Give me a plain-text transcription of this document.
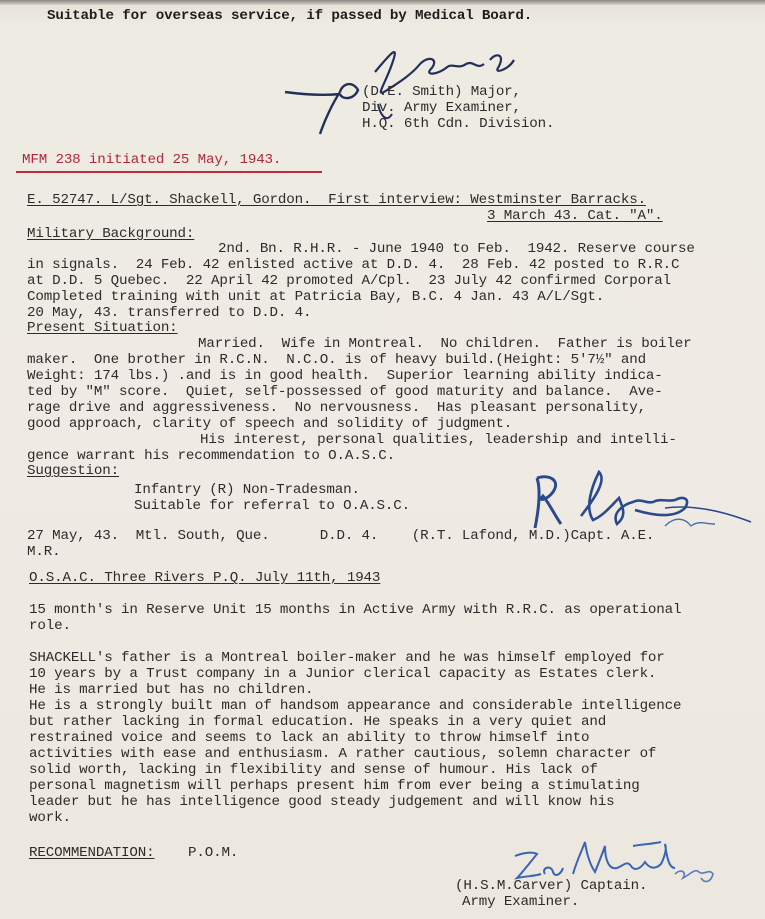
Suitable for overseas service, if passed by Medical Board.
(D.E. Smith) Major,
Div. Army Examiner,
H.Q. 6th Cdn. Division.
MFM 238 initiated 25 May, 1943.
E. 52747. L/Sgt. Shackell, Gordon.  First interview: Westminster Barracks.
3 March 43. Cat. "A".
Military Background:
2nd. Bn. R.H.R. - June 1940 to Feb.  1942. Reserve course
in signals.  24 Feb. 42 enlisted active at D.D. 4.  28 Feb. 42 posted to R.R.C
at D.D. 5 Quebec.  22 April 42 promoted A/Cpl.  23 July 42 confirmed Corporal
Completed training with unit at Patricia Bay, B.C. 4 Jan. 43 A/L/Sgt.
20 May, 43. transferred to D.D. 4.
Present Situation:
Married.  Wife in Montreal.  No children.  Father is boiler
maker.  One brother in R.C.N.  N.C.O. is of heavy build.(Height: 5'7½" and
Weight: 174 lbs.) .and is in good health.  Superior learning ability indica-
ted by "M" score.  Quiet, self-possessed of good maturity and balance.  Ave-
rage drive and aggressiveness.  No nervousness.  Has pleasant personality,
good approach, clarity of speech and solidity of judgment.
His interest, personal qualities, leadership and intelli-
gence warrant his recommendation to O.A.S.C.
Suggestion:
Infantry (R) Non-Tradesman.
Suitable for referral to O.A.S.C.
27 May, 43.  Mtl. South, Que.      D.D. 4.    (R.T. Lafond, M.D.)Capt. A.E.
M.R.
O.S.A.C. Three Rivers P.Q. July 11th, 1943
15 month's in Reserve Unit 15 months in Active Army with R.R.C. as operational
role.
SHACKELL's father is a Montreal boiler-maker and he was himself employed for
10 years by a Trust company in a Junior clerical capacity as Estates clerk.
He is married but has no children.
He is a strongly built man of handsom appearance and considerable intelligence
but rather lacking in formal education. He speaks in a very quiet and
restrained voice and seems to lack an ability to throw himself into
activities with ease and enthusiasm. A rather cautious, solemn character of
solid worth, lacking in flexibility and sense of humour. His lack of
personal magnetism will perhaps present him from ever being a stimulating
leader but he has intelligence good steady judgement and will know his
work.
RECOMMENDATION: P.O.M.
(H.S.M.Carver) Captain.
Army Examiner.
